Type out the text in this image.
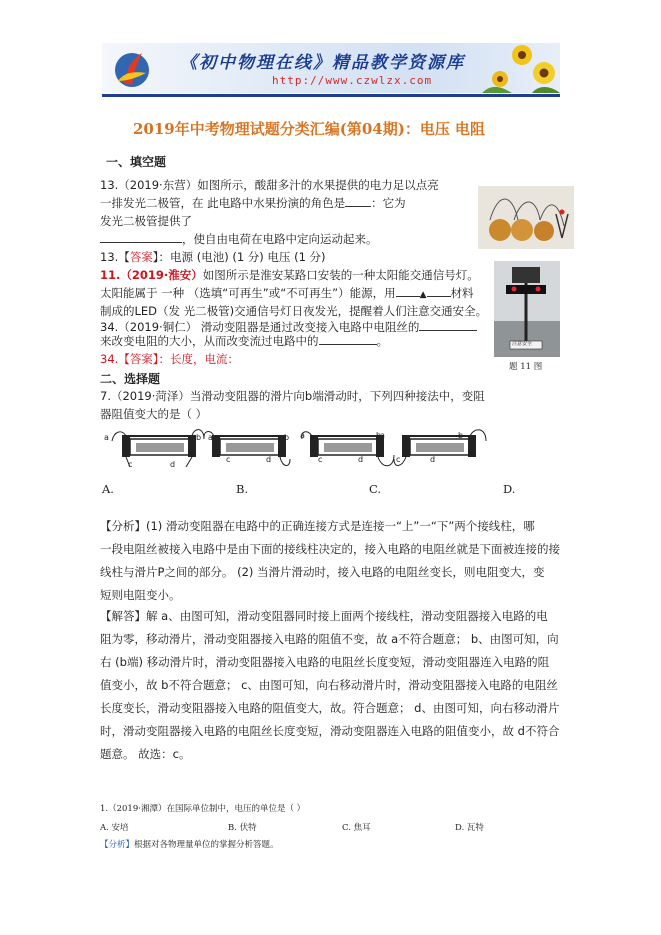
《初中物理在线》精品教学资源库
http://www.czwlzx.com
2019年中考物理试题分类汇编(第04期)：电压 电阻
一、填空题
13.（2019·东营）如图所示，酸甜多汁的水果提供的电力足以点亮
一排发光二极管，在 此电路中水果扮演的角色是 ：它为
发光二极管提供了
，使自由电荷在电路中定向运动起来。
13.【答案】：电源 (电池) (1 分) 电压 (1 分)
11.（2019·淮安）如图所示是淮安某路口安装的一种太阳能交通信号灯。
太阳能属于 一种 （选填“可再生”或“不可再生”）能源，用	▲ 材料
制成的LED（发 光二极管)交通信号灯日夜发光，提醒着人们注意交通安全。
注意安全
题 11 图
34.（2019·铜仁） 滑动变阻器是通过改变接入电路中电阻丝的
来改变电阻的大小，从而改变流过电路中的	。
34.【答案】：长度，电流：
二、选择题
7.（2019·菏泽）当滑动变阻器的滑片向b端滑动时，下列四种接法中，变阻
器阻值变大的是（ ）
a	b
c	d
a	b
c	d
a	b
c	d
a	b
c	d
A.	B.	C.	D.
【分析】(1) 滑动变阻器在电路中的正确连接方式是连接一“上”一“下”两个接线柱，哪
一段电阻丝被接入电路中是由下面的接线柱决定的，接入电路的电阻丝就是下面被连接的接
线柱与滑片P之间的部分。 (2) 当滑片滑动时，接入电路的电阻丝变长，则电阻变大，变
短则电阻变小。
【解答】解 a、由图可知，滑动变阻器同时接上面两个接线柱，滑动变阻器接入电路的电
阻为零，移动滑片，滑动变阻器接入电路的阻值不变，故 a不符合题意； b、由图可知，向
右 (b端) 移动滑片时，滑动变阻器接入电路的电阻丝长度变短，滑动变阻器连入电路的阻
值变小，故 b不符合题意； c、由图可知，向右移动滑片时，滑动变阻器接入电路的电阻丝
长度变长，滑动变阻器接入电路的阻值变大，故。符合题意； d、由图可知，向右移动滑片
时，滑动变阻器接入电路的电阻丝长度变短，滑动变阻器连入电路的阻值变小，故 d不符合
题意。 故选：c。
1.（2019·湘潭）在国际单位制中，电压的单位是（ ）
A. 安培	B. 伏特	C. 焦耳	D. 瓦特
【分析】根据对各物理量单位的掌握分析答题。
